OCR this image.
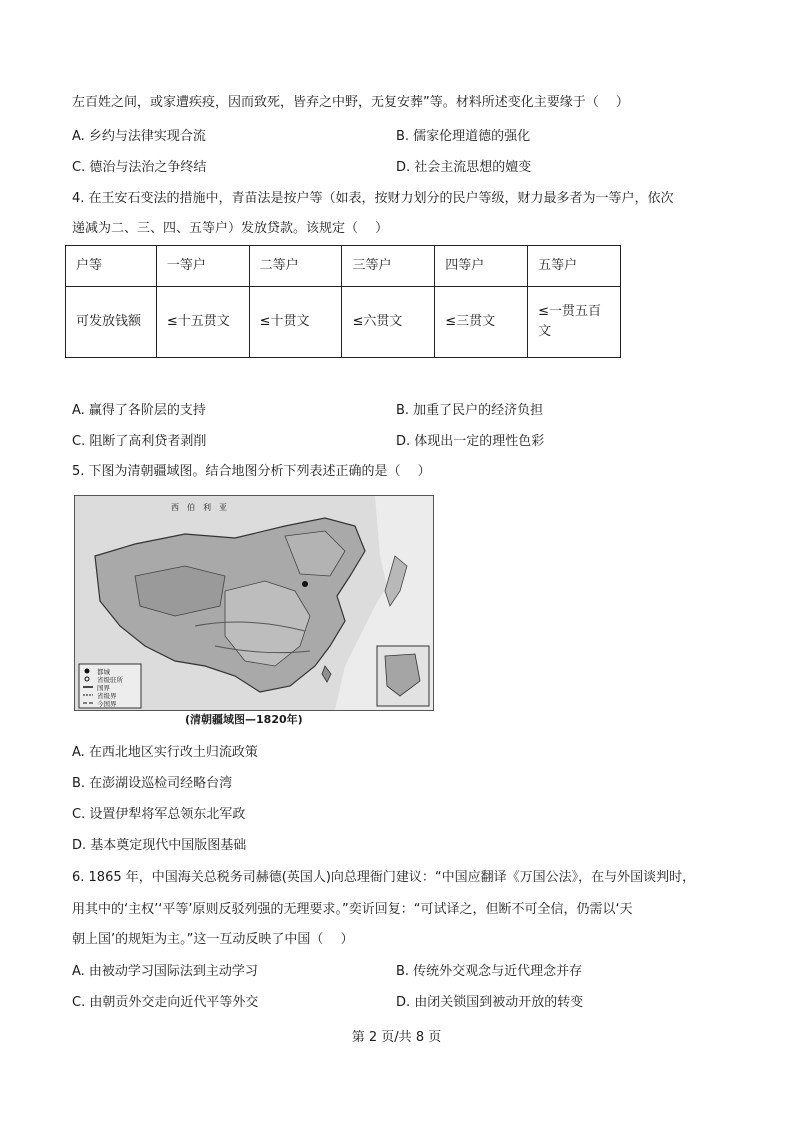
左百姓之间，或家遭疾疫，因而致死，皆弃之中野，无复安葬”等。材料所述变化主要缘于（　 ）
A. 乡约与法律实现合流	B. 儒家伦理道德的强化
C. 德治与法治之争终结	D. 社会主流思想的嬗变
4. 在王安石变法的措施中，青苗法是按户等（如表，按财力划分的民户等级，财力最多者为一等户，依次
递减为二、三、四、五等户）发放贷款。该规定（　 ）
户等	一等户	二等户	三等户	四等户	五等户
可发放钱额	≤十五贯文	≤十贯文	≤六贯文	≤三贯文	≤一贯五百文
A. 赢得了各阶层的支持	B. 加重了民户的经济负担
C. 阻断了高利贷者剥削	D. 体现出一定的理性色彩
5. 下图为清朝疆域图。结合地图分析下列表述正确的是（　 ）
西　伯　利　亚
都城
省级驻所
国界
省级界
今国界
(清朝疆域图—1820年)
A. 在西北地区实行改土归流政策
B. 在澎湖设巡检司经略台湾
C. 设置伊犁将军总领东北军政
D. 基本奠定现代中国版图基础
6. 1865 年，中国海关总税务司赫德(英国人)向总理衙门建议：“中国应翻译《万国公法》，在与外国谈判时，
用其中的‘主权’‘平等’原则反驳列强的无理要求。”奕䜣回复：“可试译之，但断不可全信，仍需以‘天
朝上国’的规矩为主。”这一互动反映了中国（　 ）
A. 由被动学习国际法到主动学习	B. 传统外交观念与近代理念并存
C. 由朝贡外交走向近代平等外交	D. 由闭关锁国到被动开放的转变
第 2 页/共 8 页
